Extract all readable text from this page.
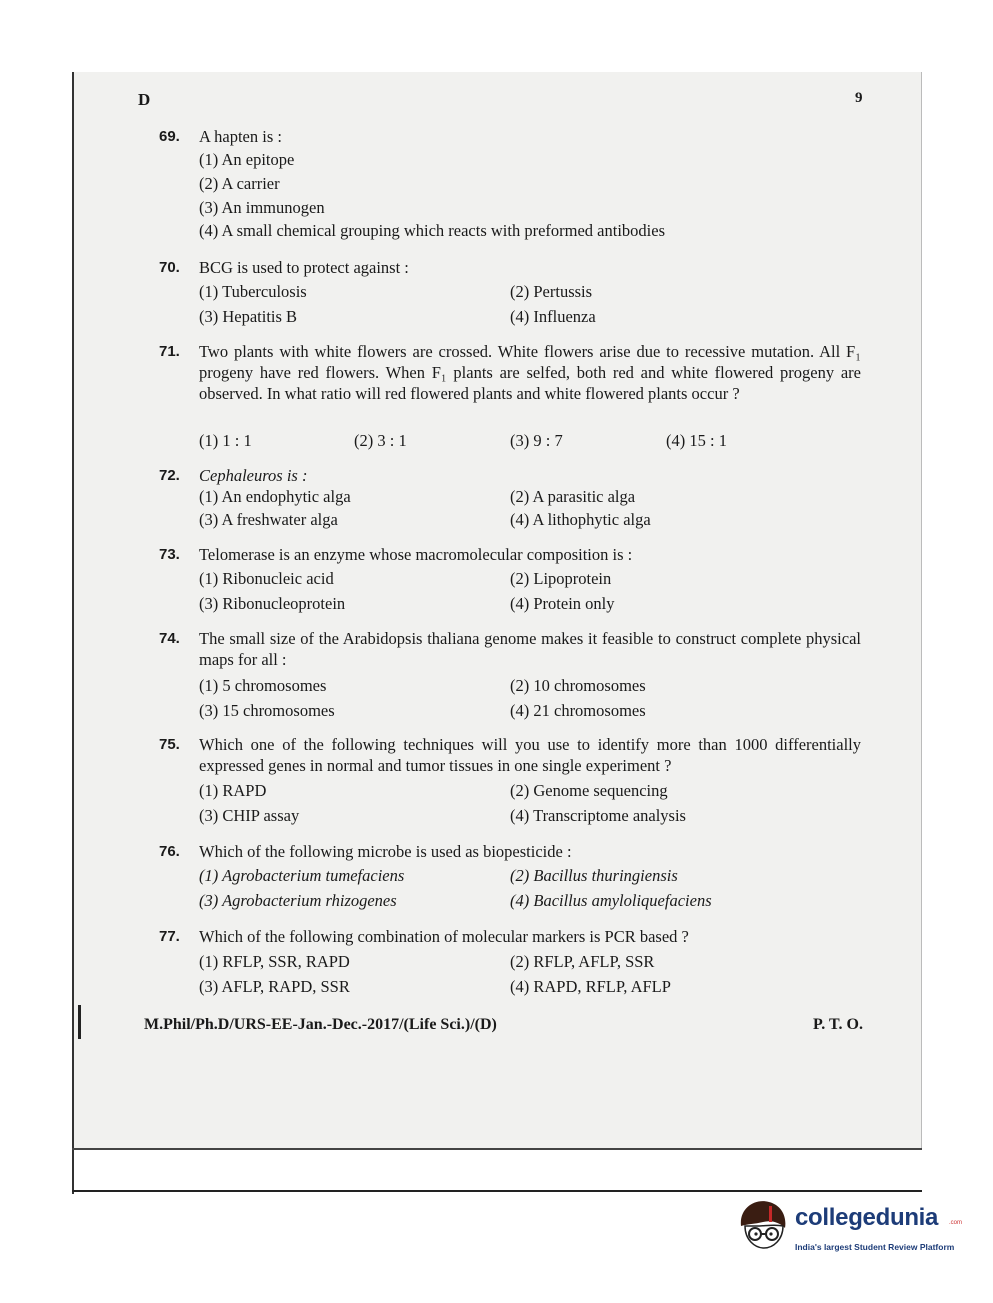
D	9
69. A hapten is :
(1) An epitope
(2) A carrier
(3) An immunogen
(4) A small chemical grouping which reacts with preformed antibodies
70. BCG is used to protect against :
(1) Tuberculosis	(2) Pertussis
(3) Hepatitis B	(4) Influenza
71. Two plants with white flowers are crossed. White flowers arise due to recessive mutation. All F₁ progeny have red flowers. When F₁ plants are selfed, both red and white flowered progeny are observed. In what ratio will red flowered plants and white flowered plants occur ?
(1) 1 : 1	(2) 3 : 1	(3) 9 : 7	(4) 15 : 1
72. Cephaleuros is :
(1) An endophytic alga	(2) A parasitic alga
(3) A freshwater alga	(4) A lithophytic alga
73. Telomerase is an enzyme whose macromolecular composition is :
(1) Ribonucleic acid	(2) Lipoprotein
(3) Ribonucleoprotein	(4) Protein only
74. The small size of the Arabidopsis thaliana genome makes it feasible to construct complete physical maps for all :
(1) 5 chromosomes	(2) 10 chromosomes
(3) 15 chromosomes	(4) 21 chromosomes
75. Which one of the following techniques will you use to identify more than 1000 differentially expressed genes in normal and tumor tissues in one single experiment ?
(1) RAPD	(2) Genome sequencing
(3) CHIP assay	(4) Transcriptome analysis
76. Which of the following microbe is used as biopesticide :
(1) Agrobacterium tumefaciens	(2) Bacillus thuringiensis
(3) Agrobacterium rhizogenes	(4) Bacillus amyloliquefaciens
77. Which of the following combination of molecular markers is PCR based ?
(1) RFLP, SSR, RAPD	(2) RFLP, AFLP, SSR
(3) AFLP, RAPD, SSR	(4) RAPD, RFLP, AFLP
M.Phil/Ph.D/URS-EE-Jan.-Dec.-2017/(Life Sci.)/(D)	P. T. O.
collegedunia .com
India's largest Student Review Platform
